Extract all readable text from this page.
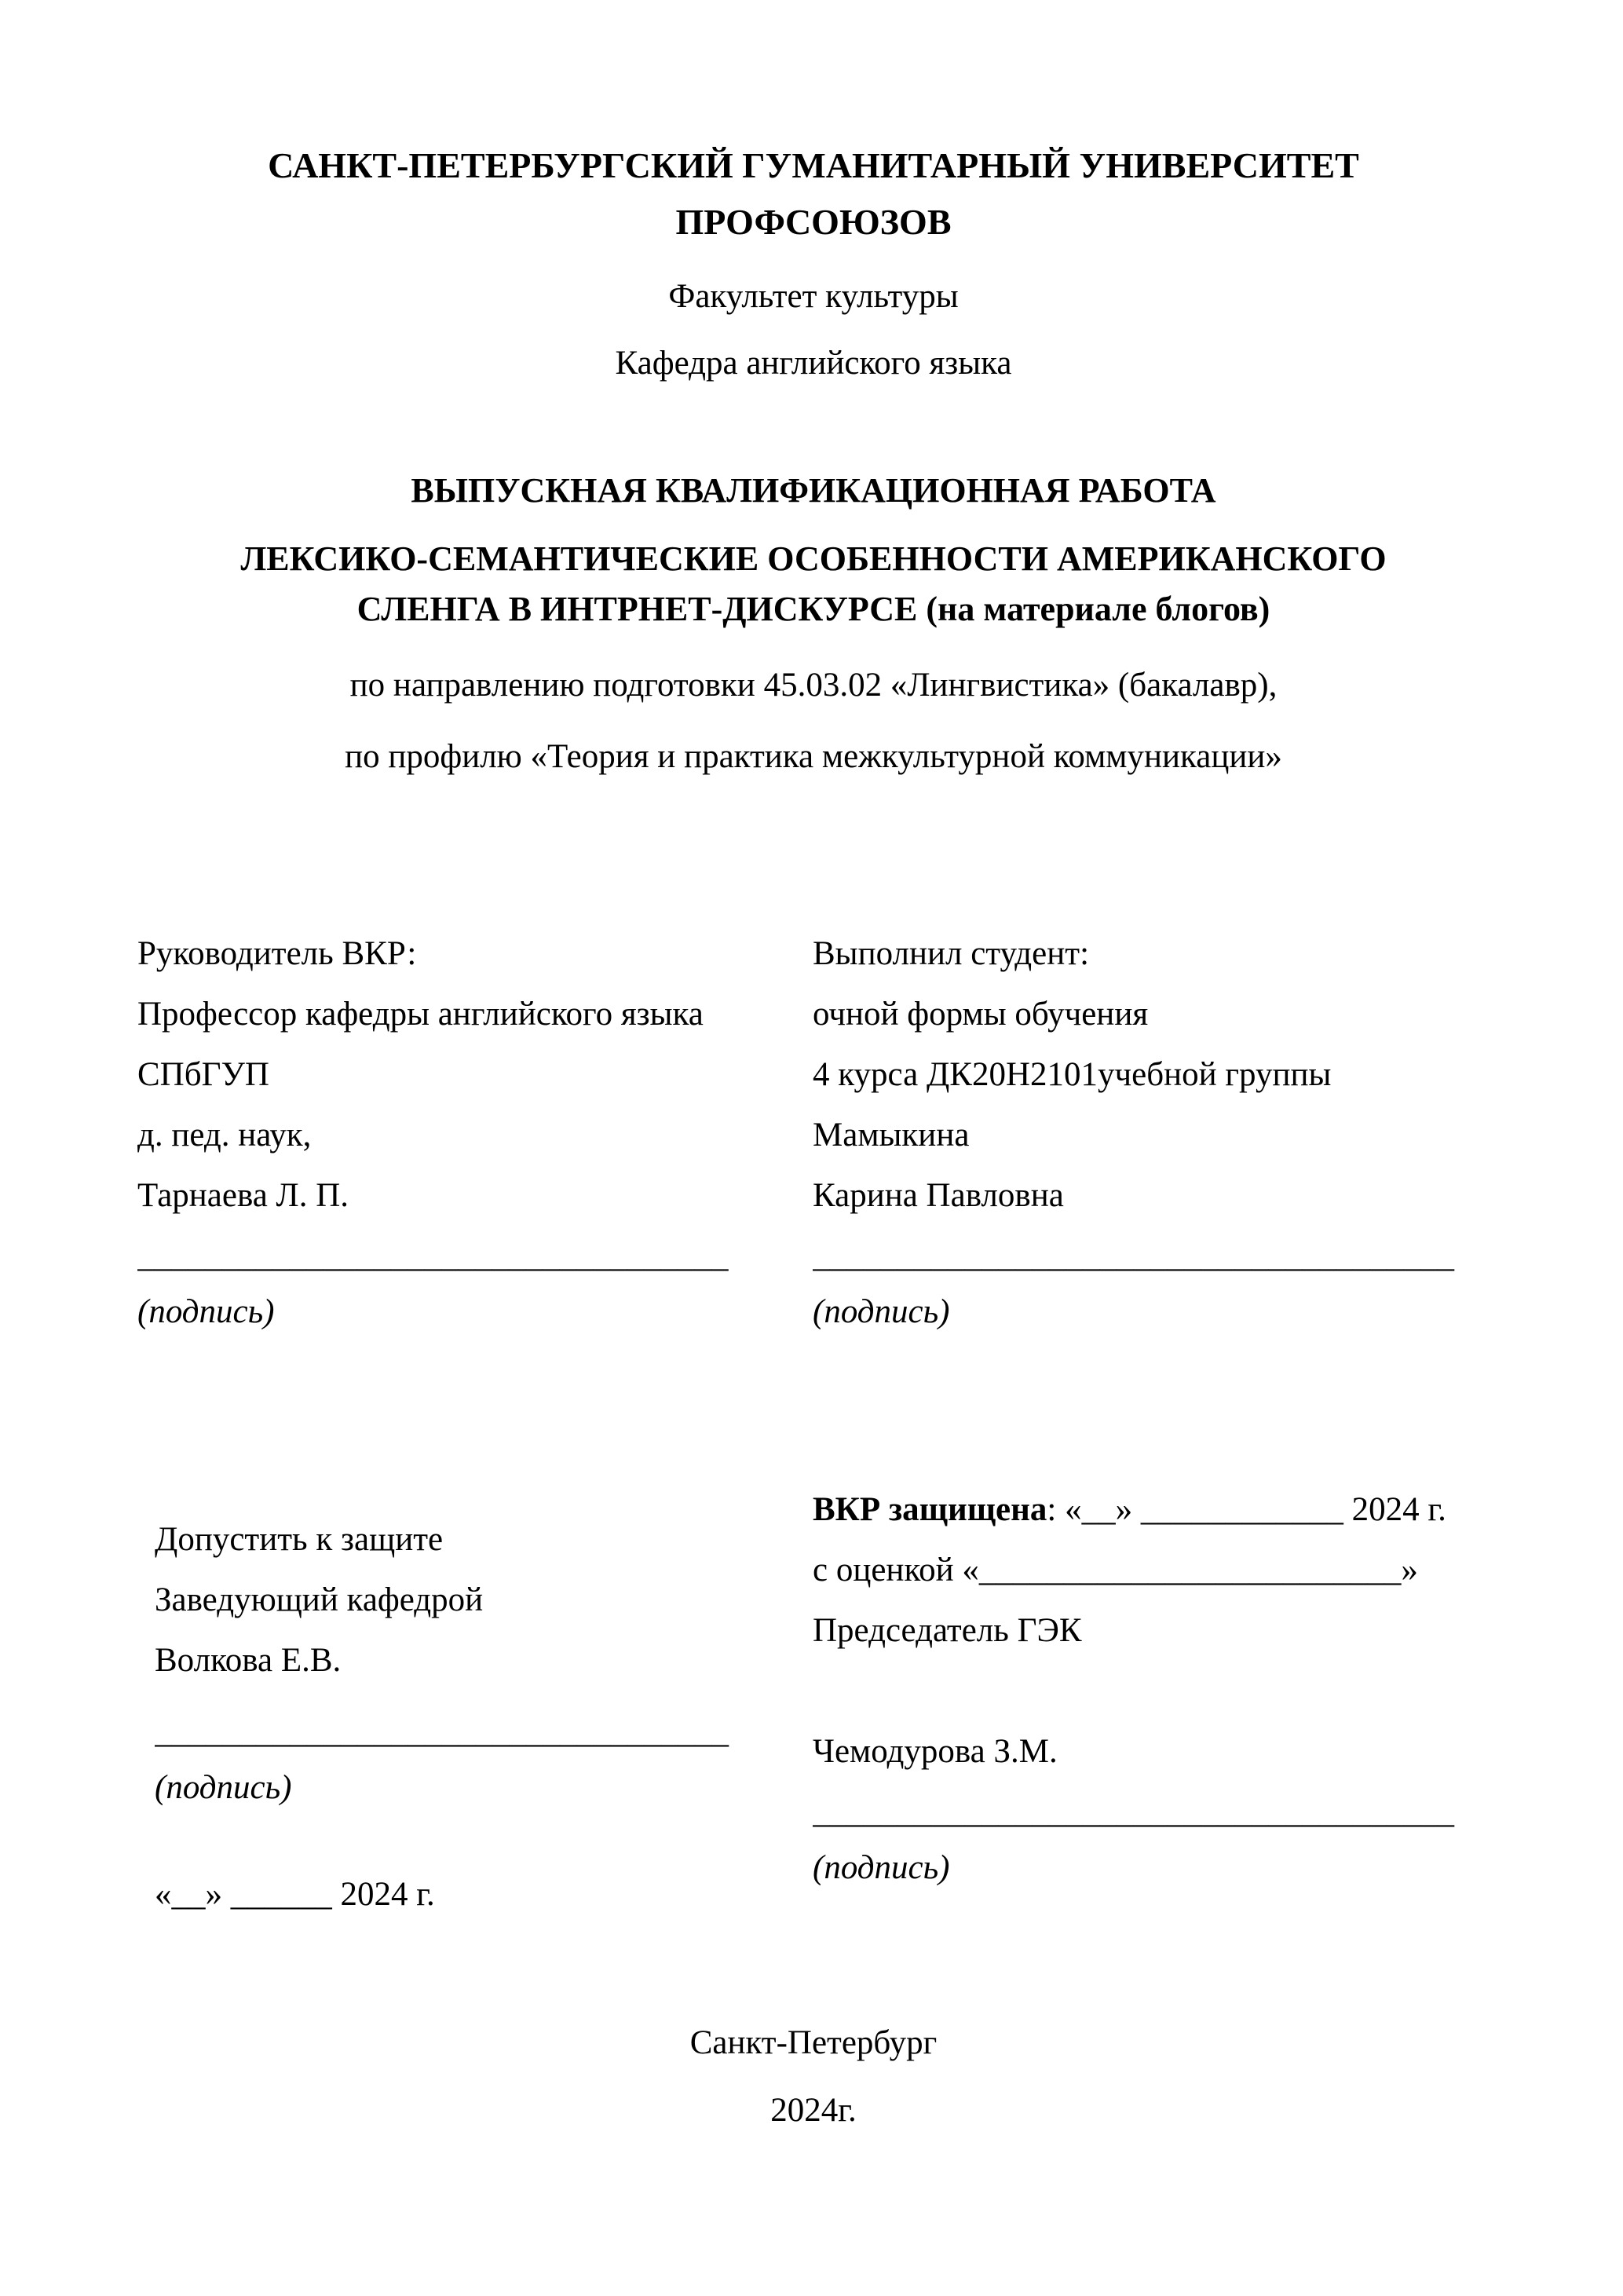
САНКТ-ПЕТЕРБУРГСКИЙ ГУМАНИТАРНЫЙ УНИВЕРСИТЕТ
ПРОФСОЮЗОВ

Факультет культуры

Кафедра английского языка

ВЫПУСКНАЯ КВАЛИФИКАЦИОННАЯ РАБОТА

ЛЕКСИКО-СЕМАНТИЧЕСКИЕ ОСОБЕННОСТИ АМЕРИКАНСКОГО
СЛЕНГА В ИНТРНЕТ-ДИСКУРСЕ (на материале блогов)

по направлению подготовки 45.03.02 «Лингвистика» (бакалавр),

по профилю «Теория и практика межкультурной коммуникации»

Руководитель ВКР:

Профессор кафедры английского языка

СПбГУП

д. пед. наук,

Тарнаева Л. П.

___________________________________

(подпись)

Выполнил студент:

очной формы обучения

4 курса ДК20Н2101учебной группы

Мамыкина

Карина Павловна

______________________________________

(подпись)

Допустить к защите

Заведующий кафедрой

Волкова Е.В.

__________________________________

(подпись)

«__» ______ 2024 г.

ВКР защищена: «__» ____________ 2024 г.

с оценкой «_________________________»

Председатель ГЭК

Чемодурова З.М.

______________________________________

(подпись)

Санкт-Петербург

2024г.
